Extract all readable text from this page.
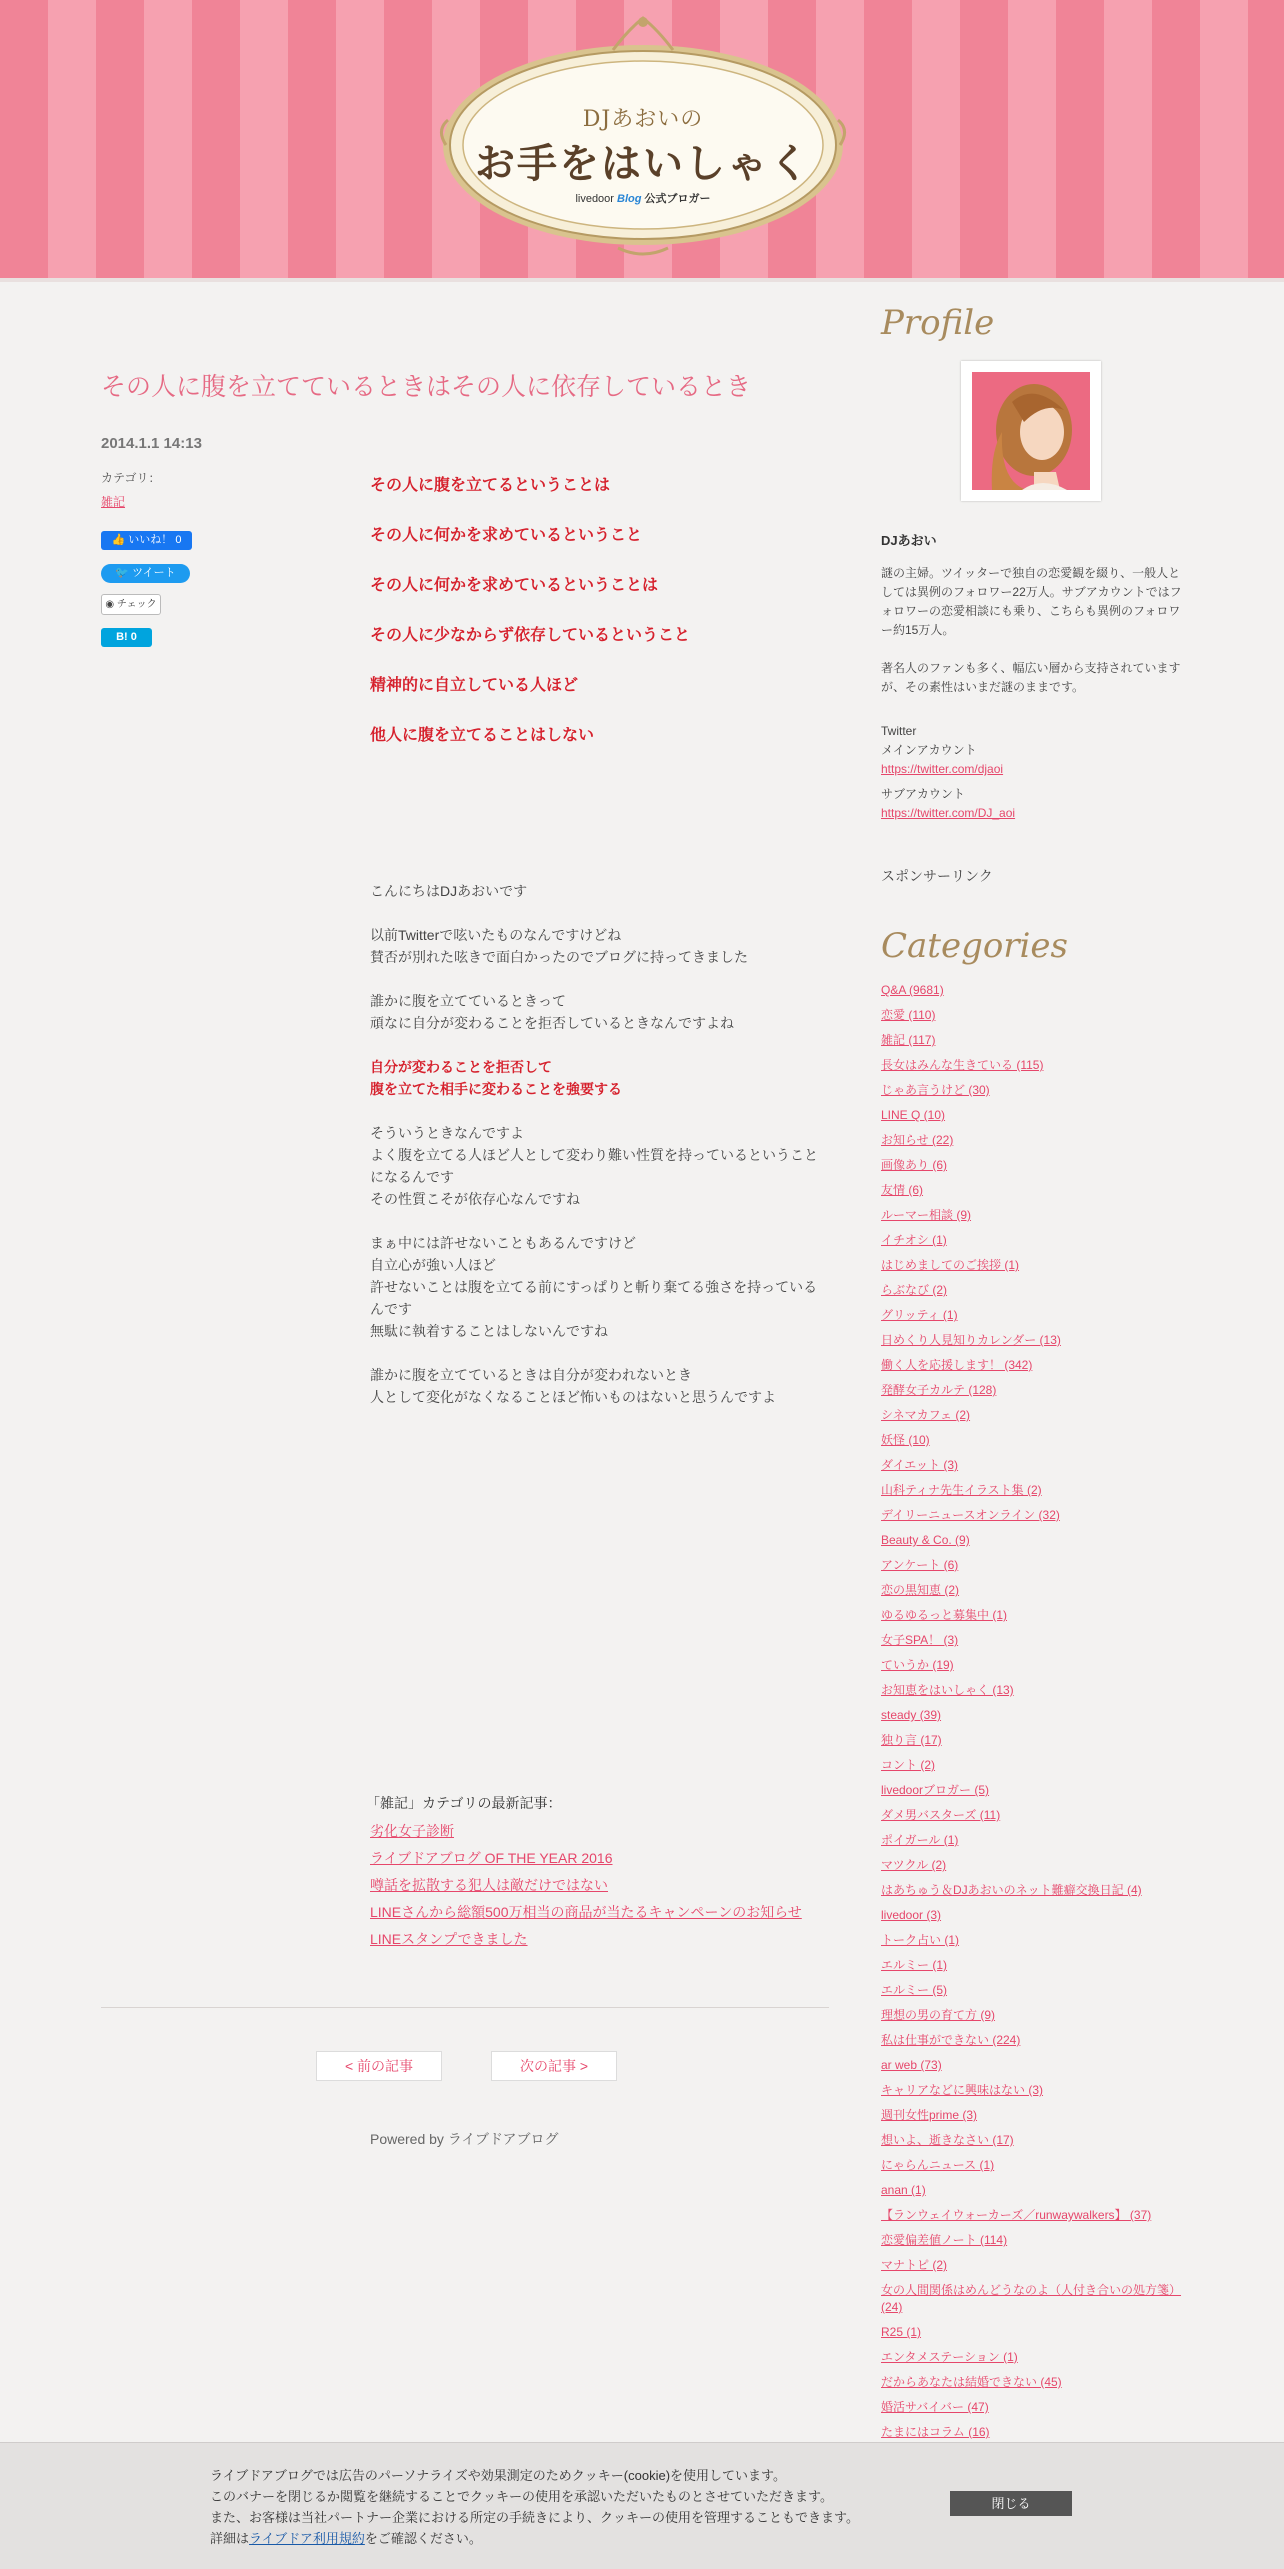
DJあおいの
お手をはいしゃく
livedoor Blog 公式ブロガー
その人に腹を立てているときはその人に依存しているとき
2014.1.1 14:13
カテゴリ：
雑記
👍 いいね！ 0
🐦 ツイート
◉ チェック
B! 0

その人に腹を立てるということは

その人に何かを求めているということ

その人に何かを求めているということは

その人に少なからず依存しているということ

精神的に自立している人ほど

他人に腹を立てることはしない

こんにちはDJあおいです

以前Twitterで呟いたものなんですけどね
賛否が別れた呟きで面白かったのでブログに持ってきました

誰かに腹を立てているときって
頑なに自分が変わることを拒否しているときなんですよね

自分が変わることを拒否して
腹を立てた相手に変わることを強要する

そういうときなんですよ
よく腹を立てる人ほど人として変わり難い性質を持っているということになるんです
その性質こそが依存心なんですね

まぁ中には許せないこともあるんですけど
自立心が強い人ほど
許せないことは腹を立てる前にすっぱりと斬り棄てる強さを持っているんです
無駄に執着することはしないんですね

誰かに腹を立てているときは自分が変われないとき
人として変化がなくなることほど怖いものはないと思うんですよ

「雑記」カテゴリの最新記事：
劣化女子診断
ライブドアブログ OF THE YEAR 2016
噂話を拡散する犯人は敵だけではない
LINEさんから総額500万相当の商品が当たるキャンペーンのお知らせ
LINEスタンプできました
< 前の記事	次の記事 >
Powered by ライブドアブログ
Profile
DJあおい

謎の主婦。ツイッターで独自の恋愛観を綴り、一般人としては異例のフォロワー22万人。サブアカウントではフォロワーの恋愛相談にも乗り、こちらも異例のフォロワー約15万人。

著名人のファンも多く、幅広い層から支持されていますが、その素性はいまだ謎のままです。

Twitter
メインアカウント
https://twitter.com/djaoi
サブアカウント
https://twitter.com/DJ_aoi
スポンサーリンク
Categories
Q&A (9681)
恋愛 (110)
雑記 (117)
長女はみんな生きている (115)
じゃあ言うけど (30)
LINE Q (10)
お知らせ (22)
画像あり (6)
友情 (6)
ルーマー相談 (9)
イチオシ (1)
はじめましてのご挨拶 (1)
らぶなび (2)
グリッティ (1)
日めくり人見知りカレンダー (13)
働く人を応援します！ (342)
発酵女子カルテ (128)
シネマカフェ (2)
妖怪 (10)
ダイエット (3)
山科ティナ先生イラスト集 (2)
デイリーニュースオンライン (32)
Beauty & Co. (9)
アンケート (6)
恋の黒知恵 (2)
ゆるゆるっと募集中 (1)
女子SPA！ (3)
ていうか (19)
お知恵をはいしゃく (13)
steady (39)
独り言 (17)
コント (2)
livedoorブロガー (5)
ダメ男バスターズ (11)
ポイガール (1)
マツクル (2)
はあちゅう＆DJあおいのネット難癖交換日記 (4)
livedoor (3)
トーク占い (1)
エルミー (1)
エルミー (5)
理想の男の育て方 (9)
私は仕事ができない (224)
ar web (73)
キャリアなどに興味はない (3)
週刊女性prime (3)
想いよ、逝きなさい (17)
にゃらんニュース (1)
anan (1)
【ランウェイウォーカーズ／runwaywalkers】 (37)
恋愛偏差値ノート (114)
マナトピ (2)
女の人間関係はめんどうなのよ（人付き合いの処方箋） (24)
R25 (1)
エンタメステーション (1)
だからあなたは結婚できない (45)
婚活サバイバー (47)
たまにはコラム (16)
ライブドアブログでは広告のパーソナライズや効果測定のためクッキー(cookie)を使用しています。
このバナーを閉じるか閲覧を継続することでクッキーの使用を承認いただいたものとさせていただきます。
また、お客様は当社パートナー企業における所定の手続きにより、クッキーの使用を管理することもできます。
詳細はライブドア利用規約をご確認ください。
閉じる
